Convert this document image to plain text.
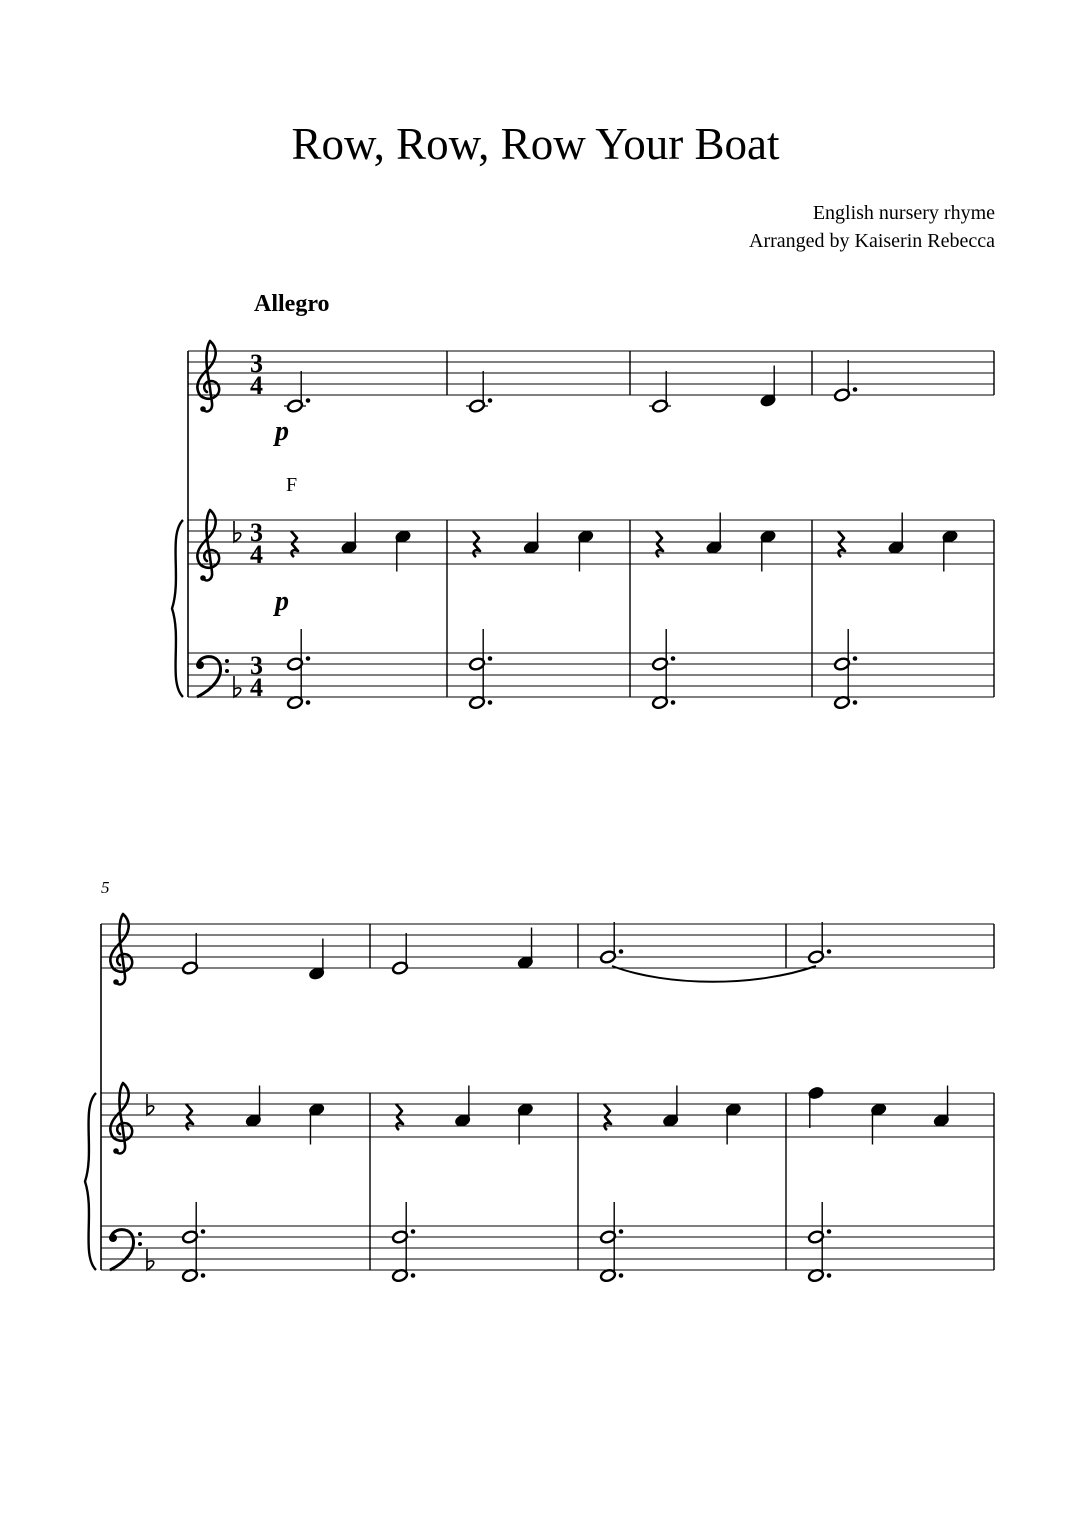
Row, Row, Row Your Boat
English nursery rhyme
Arranged by Kaiserin Rebecca
Allegro
F
5
3
4
3
4
3
4
p
p
